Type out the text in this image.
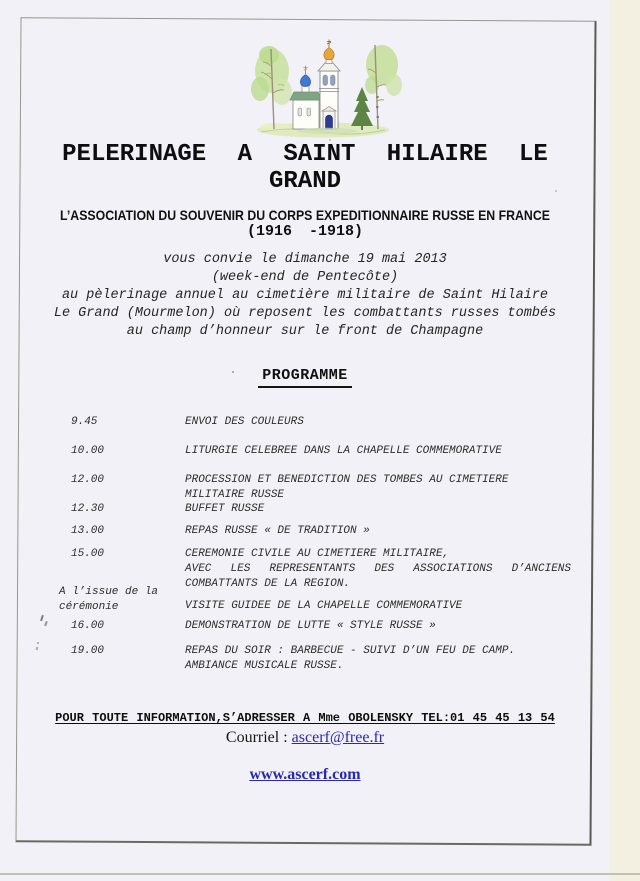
PELERINAGE A SAINT HILAIRE LE
GRAND
L’ASSOCIATION DU SOUVENIR DU CORPS EXPEDITIONNAIRE RUSSE EN FRANCE
(1916 -1918)
vous convie le dimanche 19 mai 2013
(week-end de Pentecôte)
au pèlerinage annuel au cimetière militaire de Saint Hilaire
Le Grand (Mourmelon) où reposent les combattants russes tombés
au champ d’honneur sur le front de Champagne
PROGRAMME
9.45	ENVOI DES COULEURS
10.00	LITURGIE CELEBREE DANS LA CHAPELLE COMMEMORATIVE
12.00	PROCESSION ET BENEDICTION DES TOMBES AU CIMETIERE
MILITAIRE RUSSE
12.30	BUFFET RUSSE
13.00	REPAS RUSSE « DE TRADITION »
15.00	CEREMONIE CIVILE AU CIMETIERE MILITAIRE,
AVEC LES REPRESENTANTS DES ASSOCIATIONS D’ANCIENS
COMBATTANTS DE LA REGION.
A l’issue de la
cérémonie	VISITE GUIDEE DE LA CHAPELLE COMMEMORATIVE
16.00	DEMONSTRATION DE LUTTE « STYLE RUSSE »
19.00	REPAS DU SOIR : BARBECUE - SUIVI D’UN FEU DE CAMP.
AMBIANCE MUSICALE RUSSE.
POUR TOUTE INFORMATION,S’ADRESSER A Mme OBOLENSKY TEL:01 45 45 13 54
Courriel : ascerf@free.fr
www.ascerf.com
